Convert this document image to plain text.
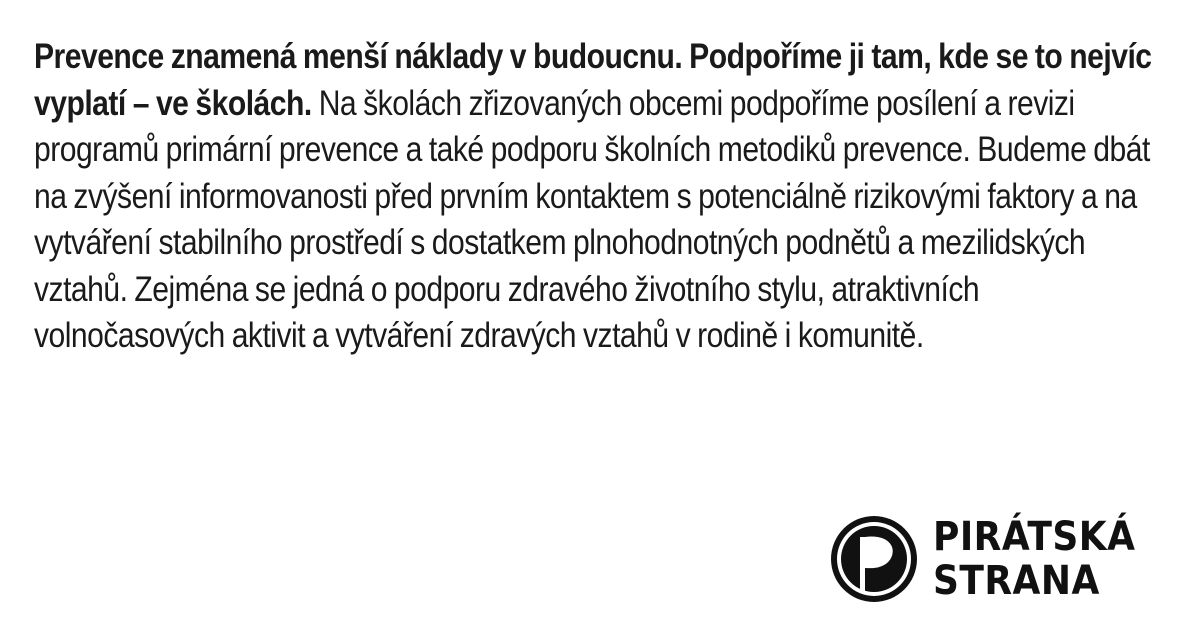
Prevence znamená menší náklady v budoucnu. Podpoříme ji tam, kde se to nejvíc vyplatí – ve školách. Na školách zřizovaných obcemi podpoříme posílení a revizi programů primární prevence a také podporu školních metodiků prevence. Budeme dbát na zvýšení informovanosti před prvním kontaktem s potenciálně rizikovými faktory a na vytváření stabilního prostředí s dostatkem plnohodnotných podnětů a mezilidských vztahů. Zejména se jedná o podporu zdravého životního stylu, atraktivních volnočasových aktivit a vytváření zdravých vztahů v rodině i komunitě.

PIRÁTSKÁ
STRANA
